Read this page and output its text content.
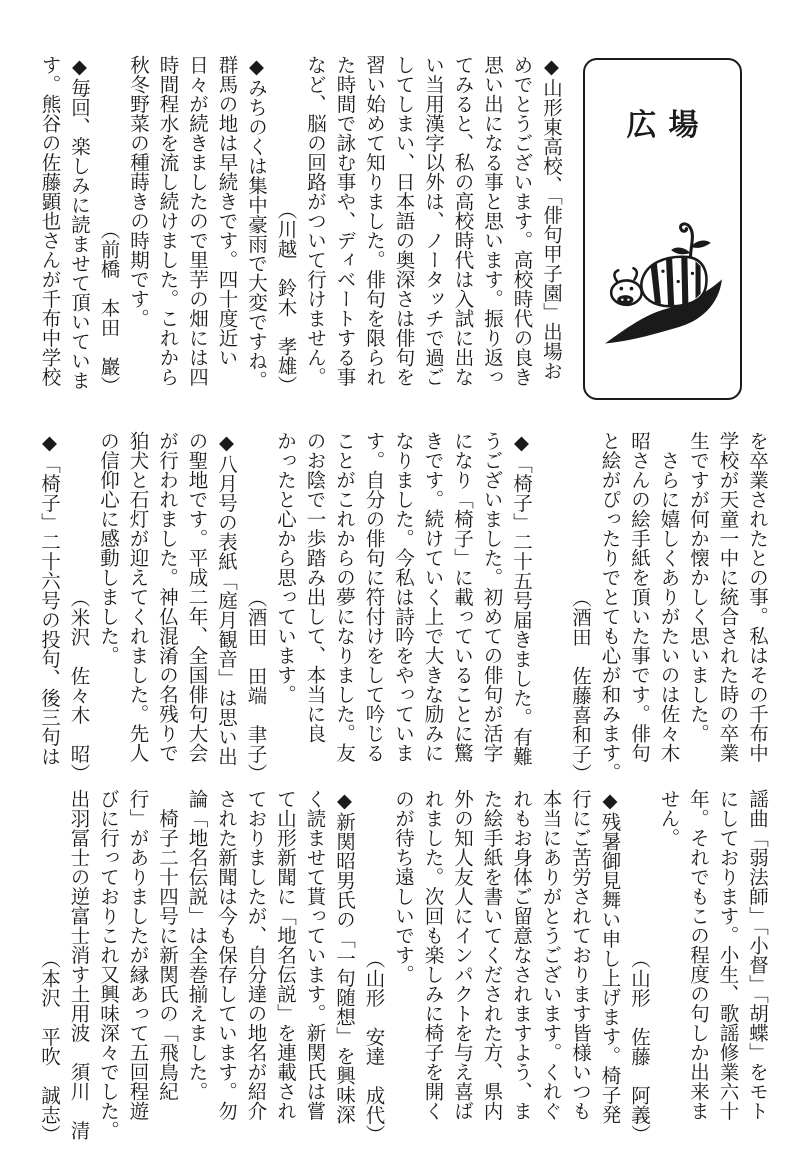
広場
◆山形東高校、「俳句甲子園」出場お
めでとうございます。高校時代の良き
思い出になる事と思います。振り返っ
てみると、私の高校時代は入試に出な
い当用漢字以外は、ノータッチで過ご
してしまい、日本語の奥深さは俳句を
習い始めて知りました。俳句を限られ
た時間で詠む事や、ディベートする事
など、脳の回路がついて行けません。
（川越　鈴木　孝雄）
◆みちのくは集中豪雨で大変ですね。
群馬の地は早続きです。四十度近い
日々が続きましたので里芋の畑には四
時間程水を流し続けました。これから
秋冬野菜の種蒔きの時期です。
（前橋　本田　巖）
◆毎回、楽しみに読ませて頂いていま
す。熊谷の佐藤顕也さんが千布中学校
を卒業されたとの事。私はその千布中
学校が天童一中に統合された時の卒業
生ですが何か懐かしく思いました。
　さらに嬉しくありがたいのは佐々木
昭さんの絵手紙を頂いた事です。俳句
と絵がぴったりでとても心が和みます。
（酒田　佐藤喜和子）
◆「椅子」二十五号届きました。有難
うございました。初めての俳句が活字
になり「椅子」に載っていることに驚
きです。続けていく上で大きな励みに
なりました。今私は詩吟をやっていま
す。自分の俳句に符付けをして吟じる
ことがこれからの夢になりました。友
のお陰で一歩踏み出して、本当に良
かったと心から思っています。
（酒田　田端　聿子）
◆八月号の表紙「庭月観音」は思い出
の聖地です。平成二年、全国俳句大会
が行われました。神仏混淆の名残りで
狛犬と石灯が迎えてくれました。先人
の信仰心に感動しました。
（米沢　佐々木　昭）
◆「椅子」二十六号の投句、後三句は
謡曲「弱法師」「小督」「胡蝶」をモト
にしております。小生、歌謡修業六十
年。それでもこの程度の句しか出来ま
せん。
（山形　佐藤　阿義）
◆残暑御見舞い申し上げます。椅子発
行にご苦労されております皆様いつも
本当にありがとうございます。くれぐ
れもお身体ご留意なされますよう、ま
た絵手紙を書いてくだされた方、県内
外の知人友人にインパクトを与え喜ば
れました。次回も楽しみに椅子を開く
のが待ち遠しいです。
（山形　安達　成代）
◆新関昭男氏の「一句随想」を興味深
く読ませて貰っています。新関氏は嘗
て山形新聞に「地名伝説」を連載され
ておりましたが、自分達の地名が紹介
された新聞は今も保存しています。勿
論「地名伝説」は全巻揃えました。
　椅子二十四号に新関氏の「飛鳥紀
行」がありましたが縁あって五回程遊
びに行っておりこれ又興味深々でした。
出羽冨士の逆富士消す土用波　須川　清
（本沢　平吹　誠志）
